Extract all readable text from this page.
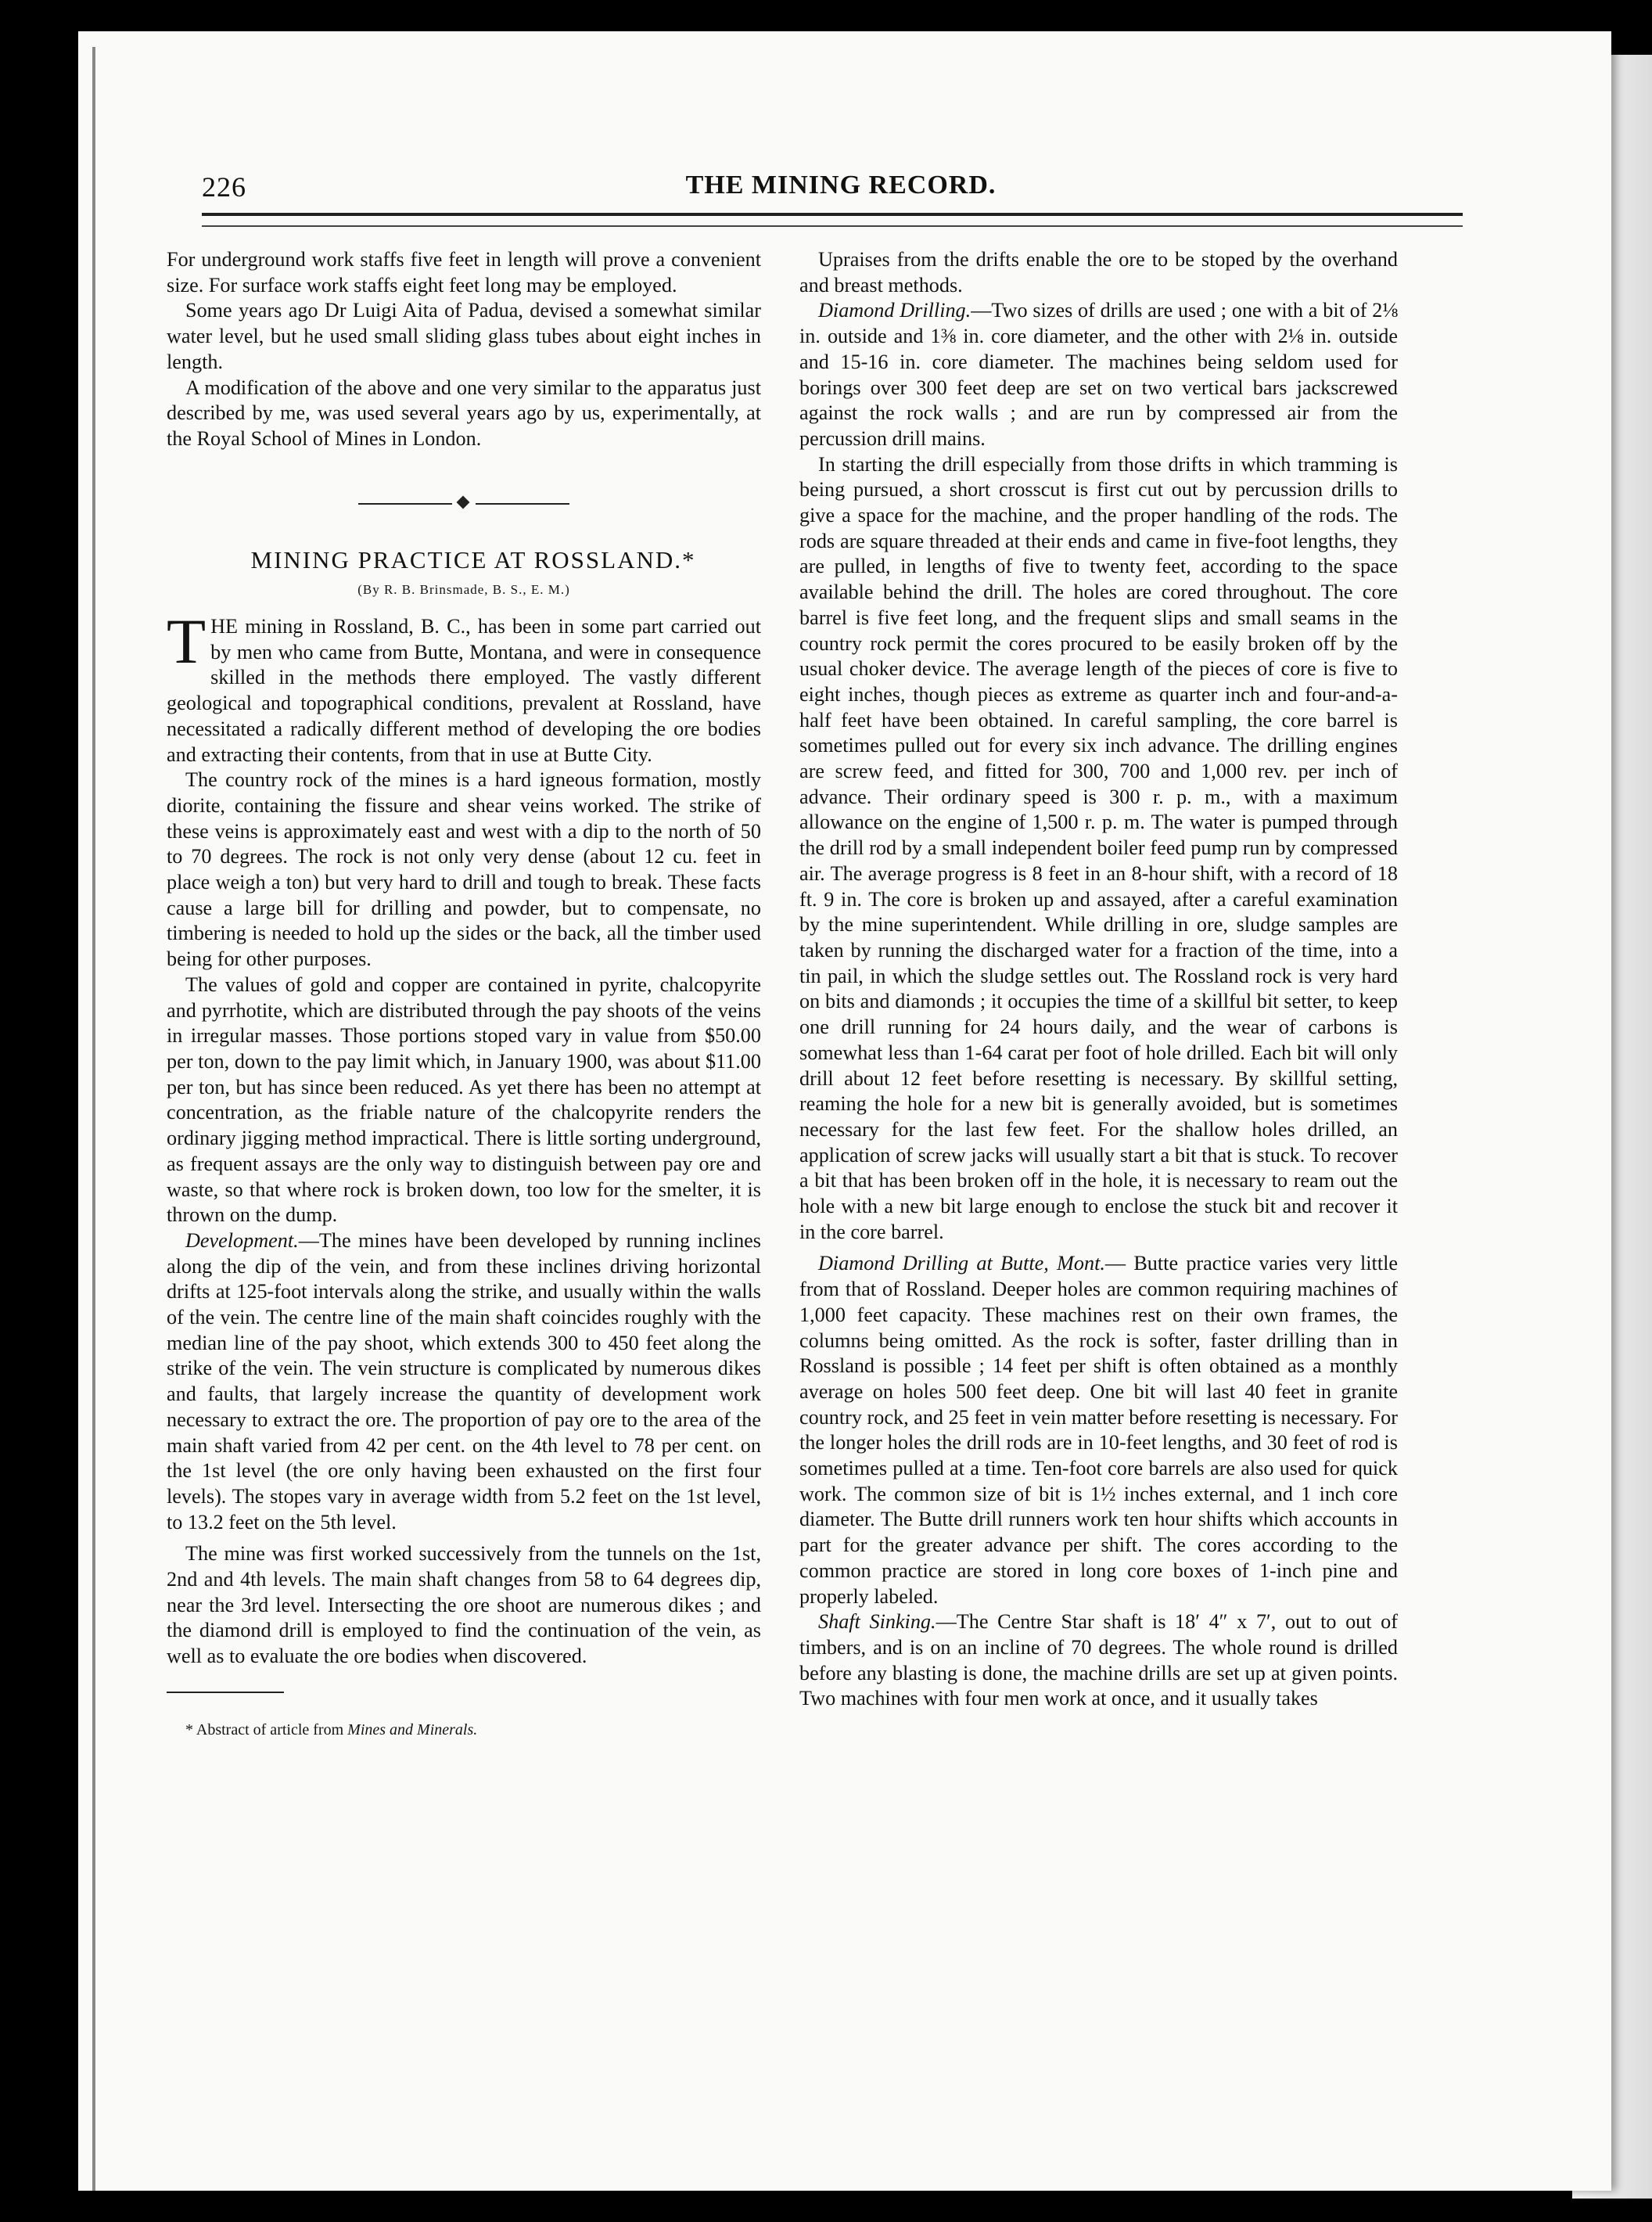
226	THE MINING RECORD.

For underground work staffs five feet in length will prove a convenient size. For surface work staffs eight feet long may be employed.

Some years ago Dr Luigi Aita of Padua, devised a somewhat similar water level, but he used small sliding glass tubes about eight inches in length.

A modification of the above and one very similar to the apparatus just described by me, was used several years ago by us, experimentally, at the Royal School of Mines in London.

MINING PRACTICE AT ROSSLAND.*

(By R. B. Brinsmade, B. S., E. M.)

THE mining in Rossland, B. C., has been in some part carried out by men who came from Butte, Montana, and were in consequence skilled in the methods there employed. The vastly different geological and topographical conditions, prevalent at Rossland, have necessitated a radically different method of developing the ore bodies and extracting their contents, from that in use at Butte City.

The country rock of the mines is a hard igneous formation, mostly diorite, containing the fissure and shear veins worked. The strike of these veins is approximately east and west with a dip to the north of 50 to 70 degrees. The rock is not only very dense (about 12 cu. feet in place weigh a ton) but very hard to drill and tough to break. These facts cause a large bill for drilling and powder, but to compensate, no timbering is needed to hold up the sides or the back, all the timber used being for other purposes.

The values of gold and copper are contained in pyrite, chalcopyrite and pyrrhotite, which are distributed through the pay shoots of the veins in irregular masses. Those portions stoped vary in value from $50.00 per ton, down to the pay limit which, in January 1900, was about $11.00 per ton, but has since been reduced. As yet there has been no attempt at concentration, as the friable nature of the chalcopyrite renders the ordinary jigging method impractical. There is little sorting underground, as frequent assays are the only way to distinguish between pay ore and waste, so that where rock is broken down, too low for the smelter, it is thrown on the dump.

Development.—The mines have been developed by running inclines along the dip of the vein, and from these inclines driving horizontal drifts at 125-foot intervals along the strike, and usually within the walls of the vein. The centre line of the main shaft coincides roughly with the median line of the pay shoot, which extends 300 to 450 feet along the strike of the vein. The vein structure is complicated by numerous dikes and faults, that largely increase the quantity of development work necessary to extract the ore. The proportion of pay ore to the area of the main shaft varied from 42 per cent. on the 4th level to 78 per cent. on the 1st level (the ore only having been exhausted on the first four levels). The stopes vary in average width from 5.2 feet on the 1st level, to 13.2 feet on the 5th level.

The mine was first worked successively from the tunnels on the 1st, 2nd and 4th levels. The main shaft changes from 58 to 64 degrees dip, near the 3rd level. Intersecting the ore shoot are numerous dikes ; and the diamond drill is employed to find the continuation of the vein, as well as to evaluate the ore bodies when discovered.

* Abstract of article from Mines and Minerals.

Upraises from the drifts enable the ore to be stoped by the overhand and breast methods.

Diamond Drilling.—Two sizes of drills are used ; one with a bit of 2⅛ in. outside and 1⅜ in. core diameter, and the other with 2⅛ in. outside and 15-16 in. core diameter. The machines being seldom used for borings over 300 feet deep are set on two vertical bars jackscrewed against the rock walls ; and are run by compressed air from the percussion drill mains.

In starting the drill especially from those drifts in which tramming is being pursued, a short crosscut is first cut out by percussion drills to give a space for the machine, and the proper handling of the rods. The rods are square threaded at their ends and came in five-foot lengths, they are pulled, in lengths of five to twenty feet, according to the space available behind the drill. The holes are cored throughout. The core barrel is five feet long, and the frequent slips and small seams in the country rock permit the cores procured to be easily broken off by the usual choker device. The average length of the pieces of core is five to eight inches, though pieces as extreme as quarter inch and four-and-a-half feet have been obtained. In careful sampling, the core barrel is sometimes pulled out for every six inch advance. The drilling engines are screw feed, and fitted for 300, 700 and 1,000 rev. per inch of advance. Their ordinary speed is 300 r. p. m., with a maximum allowance on the engine of 1,500 r. p. m. The water is pumped through the drill rod by a small independent boiler feed pump run by compressed air. The average progress is 8 feet in an 8-hour shift, with a record of 18 ft. 9 in. The core is broken up and assayed, after a careful examination by the mine superintendent. While drilling in ore, sludge samples are taken by running the discharged water for a fraction of the time, into a tin pail, in which the sludge settles out. The Rossland rock is very hard on bits and diamonds ; it occupies the time of a skillful bit setter, to keep one drill running for 24 hours daily, and the wear of carbons is somewhat less than 1-64 carat per foot of hole drilled. Each bit will only drill about 12 feet before resetting is necessary. By skillful setting, reaming the hole for a new bit is generally avoided, but is sometimes necessary for the last few feet. For the shallow holes drilled, an application of screw jacks will usually start a bit that is stuck. To recover a bit that has been broken off in the hole, it is necessary to ream out the hole with a new bit large enough to enclose the stuck bit and recover it in the core barrel.

Diamond Drilling at Butte, Mont.— Butte practice varies very little from that of Rossland. Deeper holes are common requiring machines of 1,000 feet capacity. These machines rest on their own frames, the columns being omitted. As the rock is softer, faster drilling than in Rossland is possible ; 14 feet per shift is often obtained as a monthly average on holes 500 feet deep. One bit will last 40 feet in granite country rock, and 25 feet in vein matter before resetting is necessary. For the longer holes the drill rods are in 10-feet lengths, and 30 feet of rod is sometimes pulled at a time. Ten-foot core barrels are also used for quick work. The common size of bit is 1½ inches external, and 1 inch core diameter. The Butte drill runners work ten hour shifts which accounts in part for the greater advance per shift. The cores according to the common practice are stored in long core boxes of 1-inch pine and properly labeled.

Shaft Sinking.—The Centre Star shaft is 18′ 4″ x 7′, out to out of timbers, and is on an incline of 70 degrees. The whole round is drilled before any blasting is done, the machine drills are set up at given points. Two machines with four men work at once, and it usually takes
